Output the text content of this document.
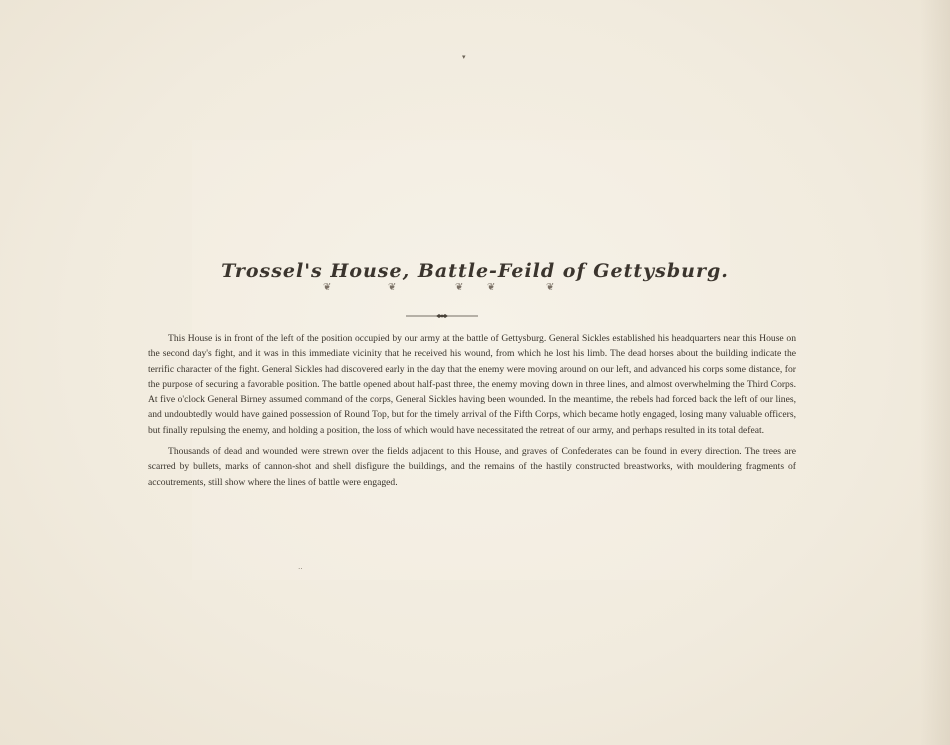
▾
··
Trossel's House, Battle-Feild of Gettysburg.
❦	❦	❦ ❦	❦

This House is in front of the left of the position occupied by our army at the battle of Gettysburg. General Sickles established his headquarters near this House on the second day's fight, and it was in this immediate vicinity that he received his wound, from which he lost his limb. The dead horses about the building indicate the terrific character of the fight. General Sickles had discovered early in the day that the enemy were moving around on our left, and advanced his corps some distance, for the purpose of securing a favorable position. The battle opened about half-past three, the enemy moving down in three lines, and almost overwhelming the Third Corps. At five o'clock General Birney assumed command of the corps, General Sickles having been wounded. In the meantime, the rebels had forced back the left of our lines, and undoubtedly would have gained possession of Round Top, but for the timely arrival of the Fifth Corps, which became hotly engaged, losing many valuable officers, but finally repulsing the enemy, and holding a position, the loss of which would have necessitated the retreat of our army, and perhaps resulted in its total defeat.

Thousands of dead and wounded were strewn over the fields adjacent to this House, and graves of Confederates can be found in every direction. The trees are scarred by bullets, marks of cannon-shot and shell disfigure the buildings, and the remains of the hastily constructed breastworks, with mouldering fragments of accoutrements, still show where the lines of battle were engaged.
